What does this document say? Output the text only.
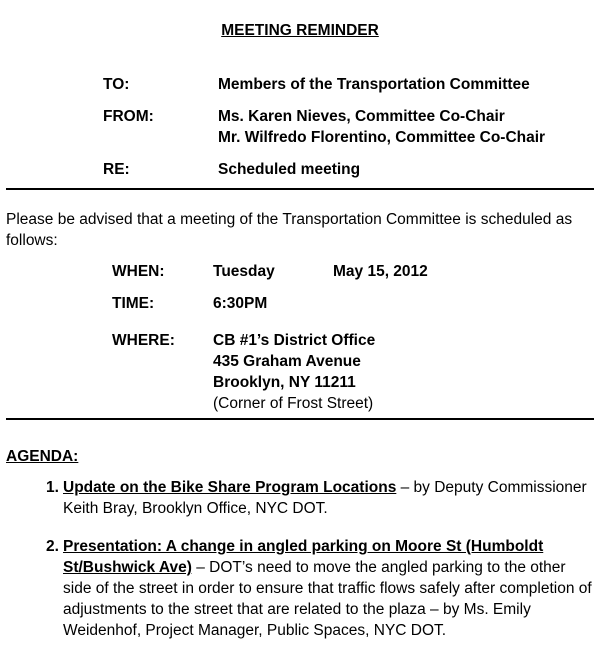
MEETING REMINDER
TO:	Members of the Transportation Committee
FROM:	Ms. Karen Nieves, Committee Co-Chair
Mr. Wilfredo Florentino, Committee Co-Chair
RE:	Scheduled meeting

Please be advised that a meeting of the Transportation Committee is scheduled as follows:

WHEN:	Tuesday	May 15, 2012
TIME:	6:30PM
WHERE:	CB #1’s District Office
435 Graham Avenue
Brooklyn, NY 11211
(Corner of Frost Street)
AGENDA:
1. Update on the Bike Share Program Locations – by Deputy Commissioner Keith Bray, Brooklyn Office, NYC DOT.
2. Presentation: A change in angled parking on Moore St (Humboldt St/Bushwick Ave) – DOT’s need to move the angled parking to the other side of the street in order to ensure that traffic flows safely after completion of adjustments to the street that are related to the plaza – by Ms. Emily Weidenhof, Project Manager, Public Spaces, NYC DOT.
